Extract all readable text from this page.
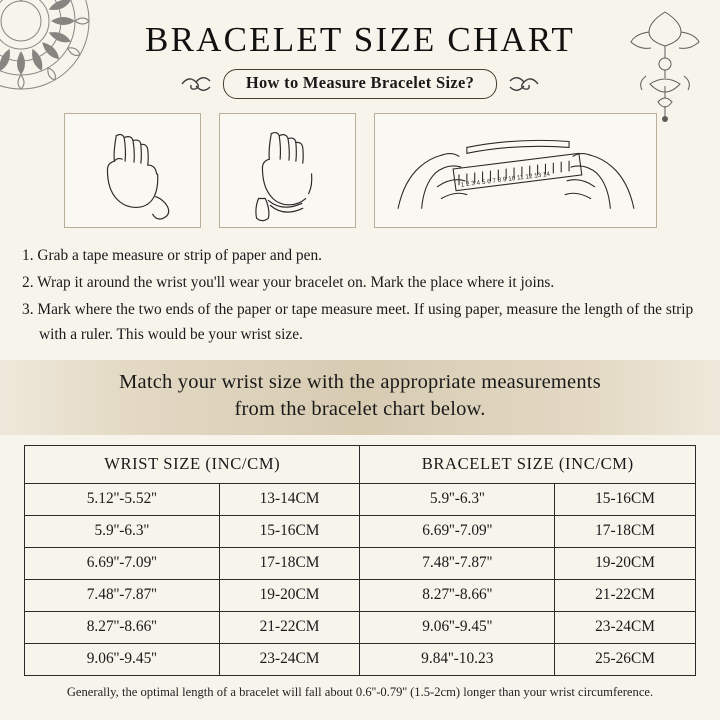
BRACELET SIZE CHART
How to Measure Bracelet Size?
1 2 3 4 5 6 7 8 9 10 11 12 13 14
1. Grab a tape measure or strip of paper and pen.
2. Wrap it around the wrist you'll wear your bracelet on. Mark the place where it joins.
3. Mark where the two ends of the paper or tape measure meet. If using paper, measure the length of the strip with a ruler. This would be your wrist size.
Match your wrist size with the appropriate measurements
from the bracelet chart below.
WRIST SIZE (INC/CM)		BRACELET SIZE (INC/CM)	
5.12''-5.52''	13-14CM	5.9''-6.3''	15-16CM
5.9''-6.3''	15-16CM	6.69''-7.09''	17-18CM
6.69''-7.09''	17-18CM	7.48''-7.87''	19-20CM
7.48''-7.87''	19-20CM	8.27''-8.66''	21-22CM
8.27''-8.66''	21-22CM	9.06''-9.45''	23-24CM
9.06''-9.45''	23-24CM	9.84''-10.23	25-26CM
Generally, the optimal length of a bracelet will fall about 0.6''-0.79'' (1.5-2cm) longer than your wrist circumference.
